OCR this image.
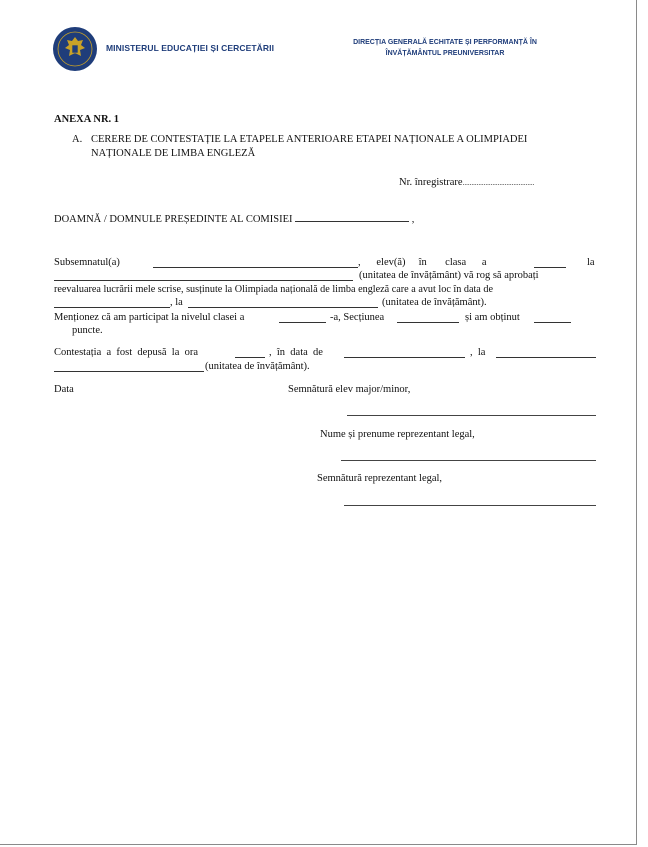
MINISTERUL EDUCAȚIEI ȘI CERCETĂRII
DIRECȚIA GENERALĂ ECHITATE ȘI PERFORMANȚĂ ÎN
ÎNVĂȚĂMÂNTUL PREUNIVERSITAR
ANEXA NR. 1
A. CERERE DE CONTESTAȚIE LA ETAPELE ANTERIOARE ETAPEI NAȚIONALE A OLIMPIADEI
NAȚIONALE DE LIMBA ENGLEZĂ
Nr. înregistrare.........................................
DOAMNĂ / DOMNULE PREȘEDINTE AL COMISIEI	,
Subsemnatul(a)	,      elev(ă)     în       clasa      a	la
(unitatea de învățământ) vă rog să aprobați
reevaluarea lucrării mele scrise, susținute la Olimpiada națională de limba engleză care a avut loc în data de
, la	(unitatea de învățământ).
Menționez că am participat la nivelul clasei a	-a, Secțiunea	și am obținut
puncte.
Contestația  a  fost  depusă  la  ora	,  în  data  de	,  la
(unitatea de învățământ).
Data	Semnătură elev major/minor,
Nume și prenume reprezentant legal,
Semnătură reprezentant legal,
